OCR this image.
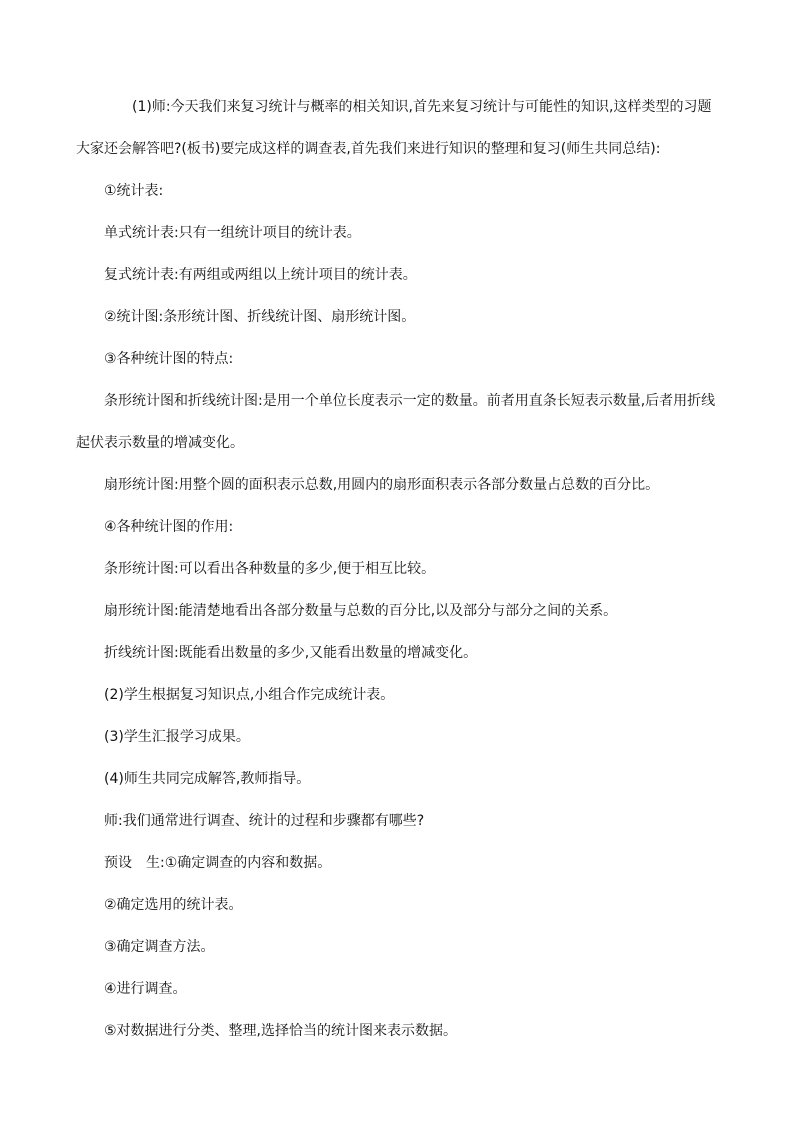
(1)师:今天我们来复习统计与概率的相关知识,首先来复习统计与可能性的知识,这样类型的习题大家还会解答吧?(板书)要完成这样的调查表,首先我们来进行知识的整理和复习(师生共同总结):

①统计表:

单式统计表:只有一组统计项目的统计表。

复式统计表:有两组或两组以上统计项目的统计表。

②统计图:条形统计图、折线统计图、扇形统计图。

③各种统计图的特点:

条形统计图和折线统计图:是用一个单位长度表示一定的数量。前者用直条长短表示数量,后者用折线起伏表示数量的增减变化。

扇形统计图:用整个圆的面积表示总数,用圆内的扇形面积表示各部分数量占总数的百分比。

④各种统计图的作用:

条形统计图:可以看出各种数量的多少,便于相互比较。

扇形统计图:能清楚地看出各部分数量与总数的百分比,以及部分与部分之间的关系。

折线统计图:既能看出数量的多少,又能看出数量的增减变化。

(2)学生根据复习知识点,小组合作完成统计表。

(3)学生汇报学习成果。

(4)师生共同完成解答,教师指导。

师:我们通常进行调查、统计的过程和步骤都有哪些?

预设　生:①确定调查的内容和数据。

②确定选用的统计表。

③确定调查方法。

④进行调查。

⑤对数据进行分类、整理,选择恰当的统计图来表示数据。
